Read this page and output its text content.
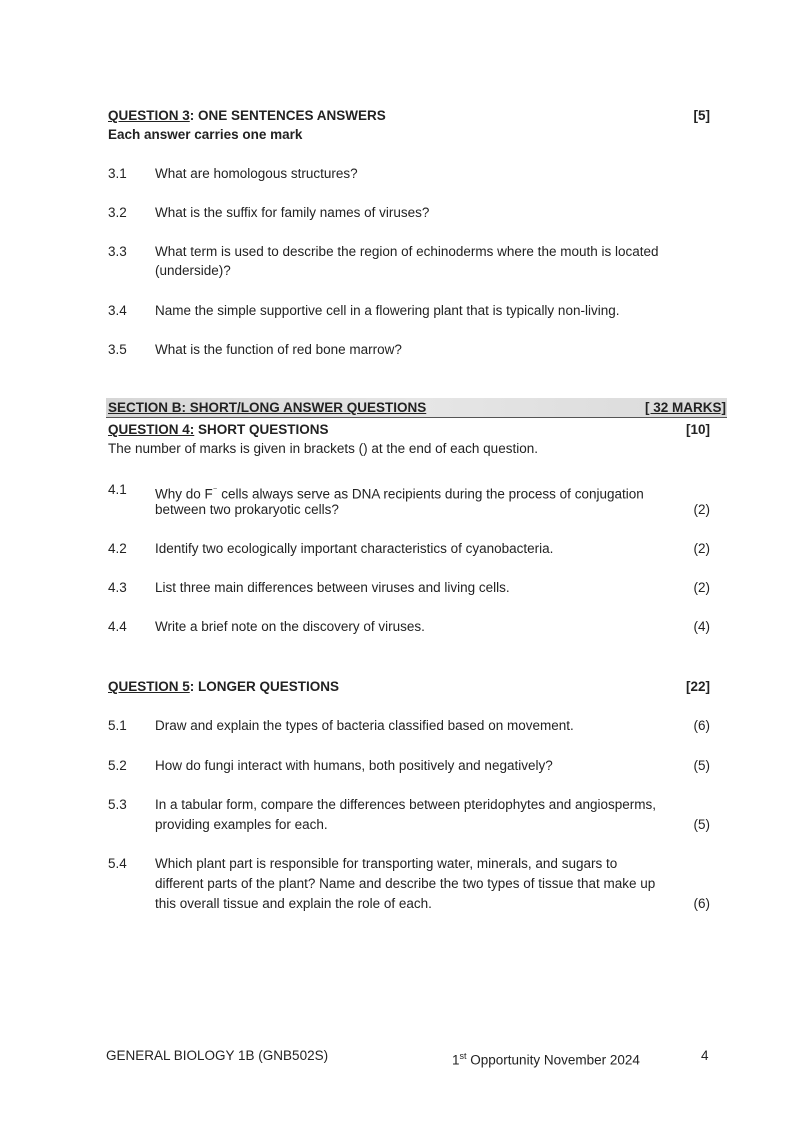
QUESTION 3: ONE SENTENCES ANSWERS	[5]
Each answer carries one mark
3.1 What are homologous structures?
3.2 What is the suffix for family names of viruses?
3.3 What term is used to describe the region of echinoderms where the mouth is located
(underside)?
3.4 Name the simple supportive cell in a flowering plant that is typically non-living.
3.5 What is the function of red bone marrow?
SECTION B: SHORT/LONG ANSWER QUESTIONS	[ 32 MARKS]
QUESTION 4: SHORT QUESTIONS	[10]
The number of marks is given in brackets () at the end of each question.
4.1 Why do F⁻ cells always serve as DNA recipients during the process of conjugation
between two prokaryotic cells?	(2)
4.2 Identify two ecologically important characteristics of cyanobacteria.	(2)
4.3 List three main differences between viruses and living cells.	(2)
4.4 Write a brief note on the discovery of viruses.	(4)
QUESTION 5: LONGER QUESTIONS	[22]
5.1 Draw and explain the types of bacteria classified based on movement.	(6)
5.2 How do fungi interact with humans, both positively and negatively?	(5)
5.3 In a tabular form, compare the differences between pteridophytes and angiosperms,
providing examples for each.	(5)
5.4 Which plant part is responsible for transporting water, minerals, and sugars to
different parts of the plant? Name and describe the two types of tissue that make up
this overall tissue and explain the role of each.	(6)
GENERAL BIOLOGY 1B (GNB502S)	1st Opportunity November 2024	4
